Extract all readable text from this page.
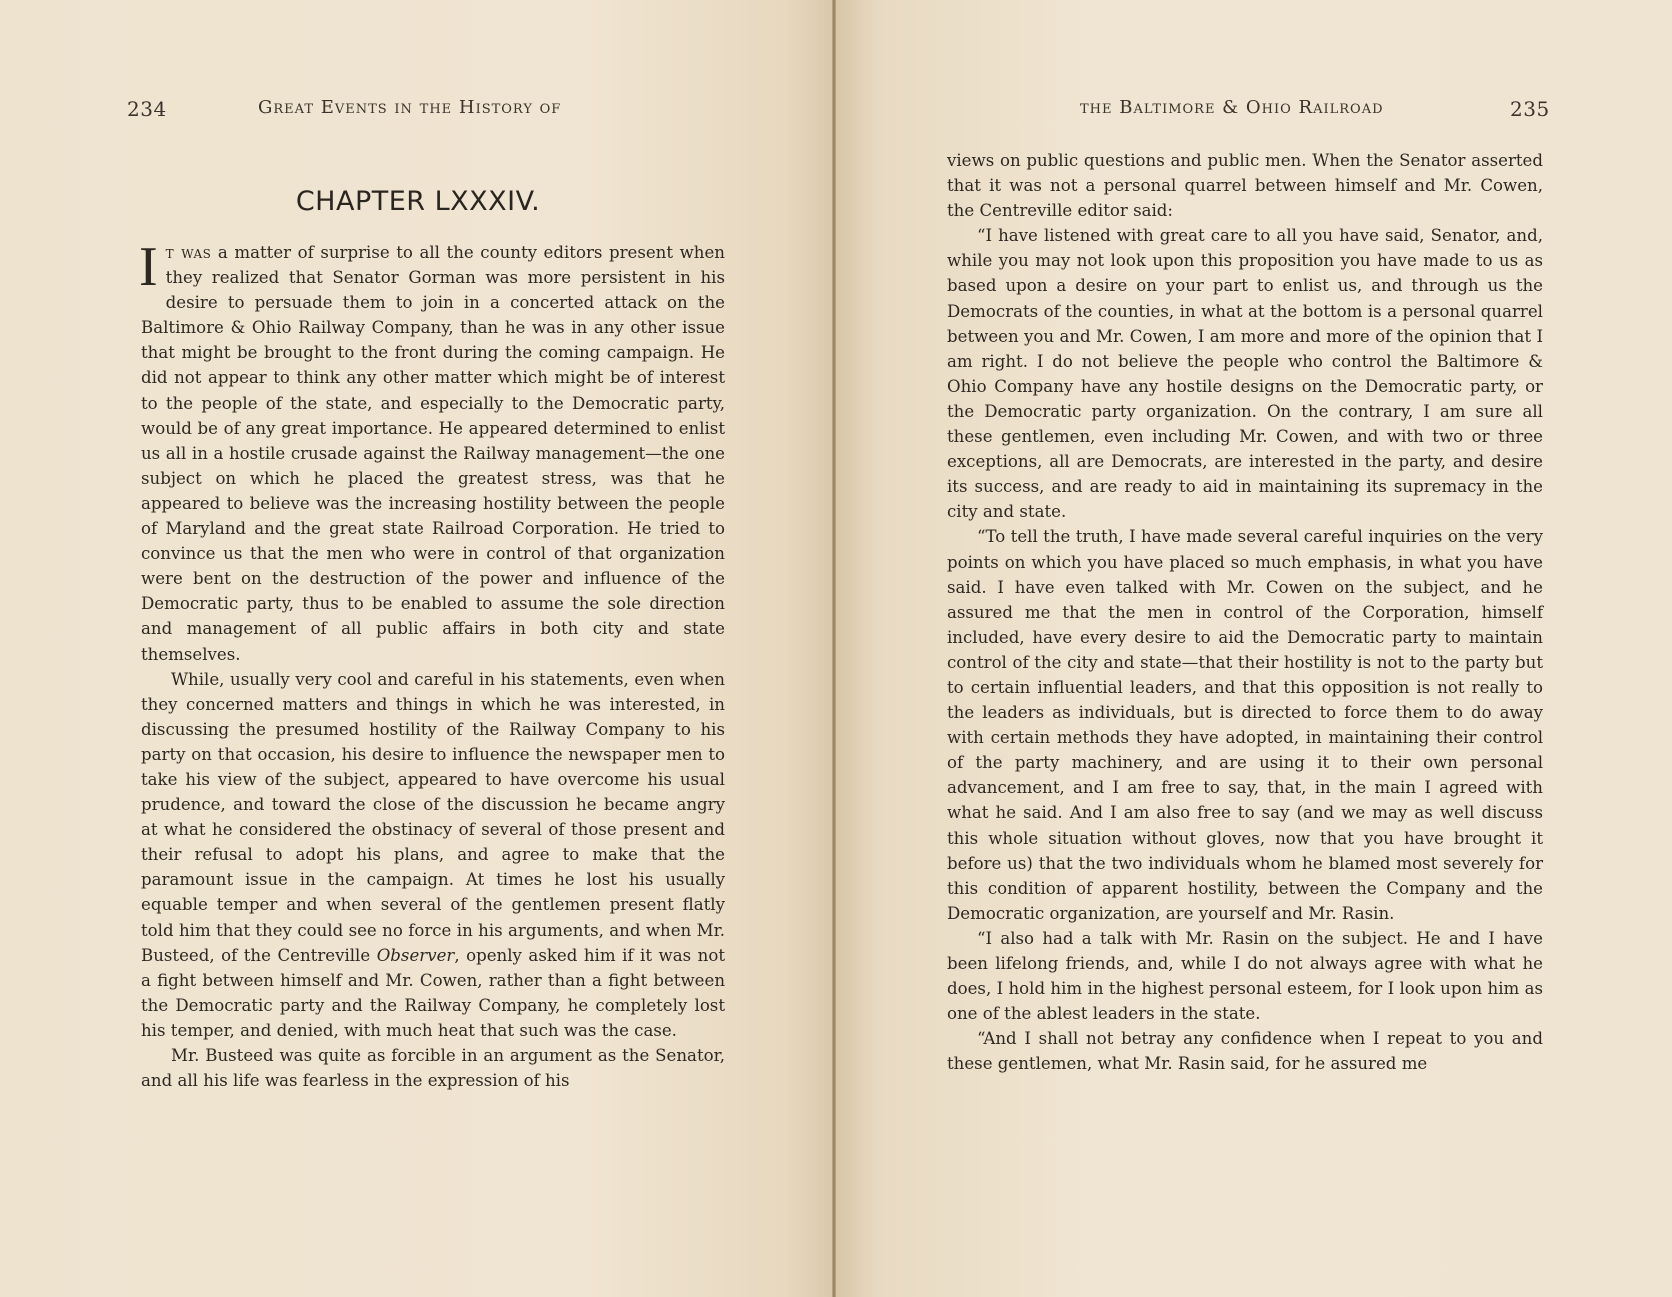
234	Great Events in the History of
CHAPTER LXXXIV.

It was a matter of surprise to all the county editors present when they realized that Senator Gorman was more persistent in his desire to persuade them to join in a concerted attack on the Baltimore & Ohio Railway Company, than he was in any other issue that might be brought to the front during the coming campaign. He did not appear to think any other matter which might be of interest to the people of the state, and especially to the Democratic party, would be of any great importance. He appeared determined to enlist us all in a hostile crusade against the Railway management—the one subject on which he placed the greatest stress, was that he appeared to believe was the increasing hostility between the people of Maryland and the great state Railroad Corporation. He tried to convince us that the men who were in control of that organization were bent on the destruction of the power and influence of the Democratic party, thus to be enabled to assume the sole direction and management of all public affairs in both city and state themselves.

While, usually very cool and careful in his statements, even when they concerned matters and things in which he was interested, in discussing the presumed hostility of the Railway Company to his party on that occasion, his desire to influence the newspaper men to take his view of the subject, appeared to have overcome his usual prudence, and toward the close of the discussion he became angry at what he considered the obstinacy of several of those present and their refusal to adopt his plans, and agree to make that the paramount issue in the campaign. At times he lost his usually equable temper and when several of the gentlemen present flatly told him that they could see no force in his arguments, and when Mr. Busteed, of the Centreville Observer, openly asked him if it was not a fight between himself and Mr. Cowen, rather than a fight between the Democratic party and the Railway Company, he completely lost his temper, and denied, with much heat that such was the case.

Mr. Busteed was quite as forcible in an argument as the Senator, and all his life was fearless in the expression of his

the Baltimore & Ohio Railroad	235

views on public questions and public men. When the Senator asserted that it was not a personal quarrel between himself and Mr. Cowen, the Centreville editor said:

“I have listened with great care to all you have said, Senator, and, while you may not look upon this proposition you have made to us as based upon a desire on your part to enlist us, and through us the Democrats of the counties, in what at the bottom is a personal quarrel between you and Mr. Cowen, I am more and more of the opinion that I am right. I do not believe the people who control the Baltimore & Ohio Company have any hostile designs on the Democratic party, or the Democratic party organization. On the contrary, I am sure all these gentlemen, even including Mr. Cowen, and with two or three exceptions, all are Democrats, are interested in the party, and desire its success, and are ready to aid in maintaining its supremacy in the city and state.

“To tell the truth, I have made several careful inquiries on the very points on which you have placed so much emphasis, in what you have said. I have even talked with Mr. Cowen on the subject, and he assured me that the men in control of the Corporation, himself included, have every desire to aid the Democratic party to maintain control of the city and state—that their hostility is not to the party but to certain influential leaders, and that this opposition is not really to the leaders as individuals, but is directed to force them to do away with certain methods they have adopted, in maintaining their control of the party machinery, and are using it to their own personal advancement, and I am free to say, that, in the main I agreed with what he said. And I am also free to say (and we may as well discuss this whole situation without gloves, now that you have brought it before us) that the two individuals whom he blamed most severely for this condition of apparent hostility, between the Company and the Democratic organization, are yourself and Mr. Rasin.

“I also had a talk with Mr. Rasin on the subject. He and I have been lifelong friends, and, while I do not always agree with what he does, I hold him in the highest personal esteem, for I look upon him as one of the ablest leaders in the state.

“And I shall not betray any confidence when I repeat to you and these gentlemen, what Mr. Rasin said, for he assured me
